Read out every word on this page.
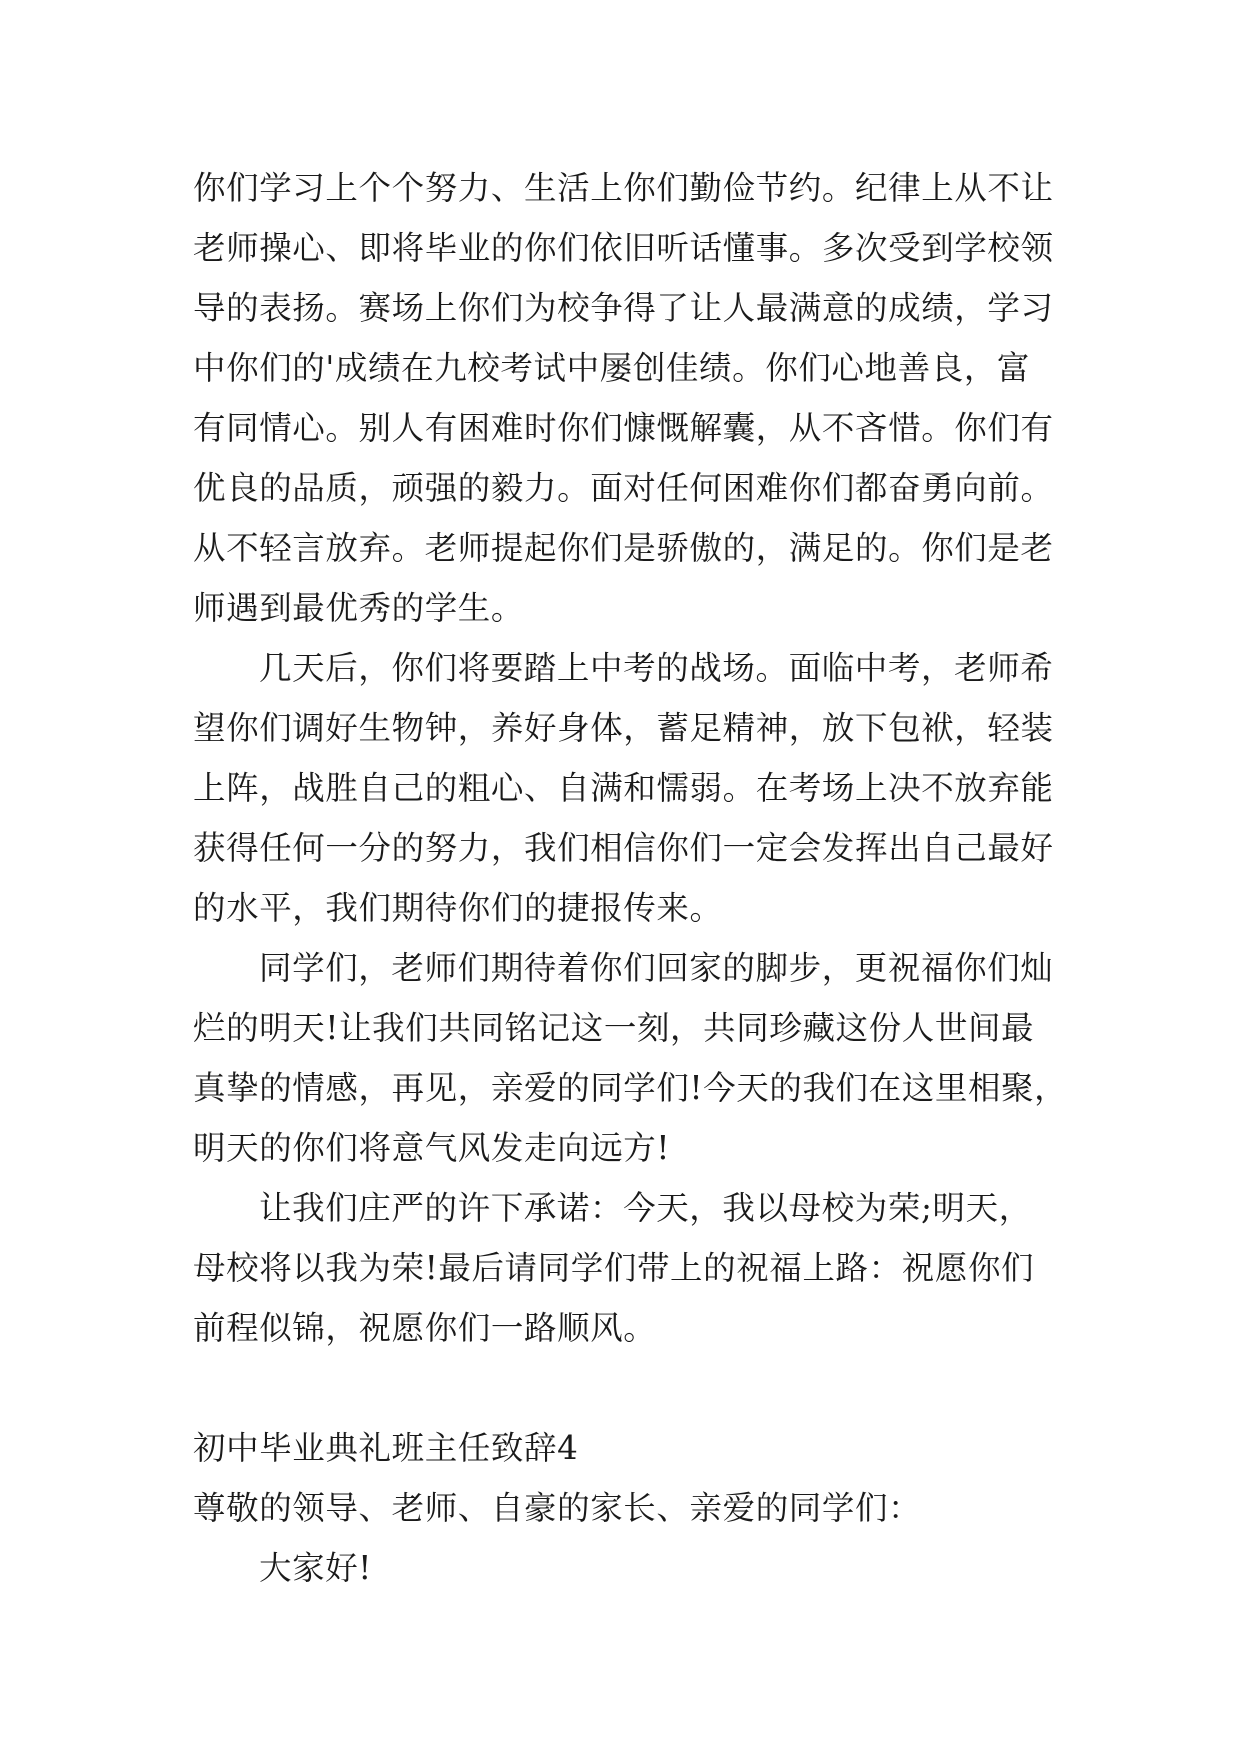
你们学习上个个努力、生活上你们勤俭节约。纪律上从不让
老师操心、即将毕业的你们依旧听话懂事。多次受到学校领
导的表扬。赛场上你们为校争得了让人最满意的成绩，学习
中你们的'成绩在九校考试中屡创佳绩。你们心地善良，富
有同情心。别人有困难时你们慷慨解囊，从不吝惜。你们有
优良的品质，顽强的毅力。面对任何困难你们都奋勇向前。
从不轻言放弃。老师提起你们是骄傲的，满足的。你们是老
师遇到最优秀的学生。
几天后，你们将要踏上中考的战场。面临中考，老师希
望你们调好生物钟，养好身体，蓄足精神，放下包袱，轻装
上阵，战胜自己的粗心、自满和懦弱。在考场上决不放弃能
获得任何一分的努力，我们相信你们一定会发挥出自己最好
的水平，我们期待你们的捷报传来。
同学们，老师们期待着你们回家的脚步，更祝福你们灿
烂的明天!让我们共同铭记这一刻，共同珍藏这份人世间最
真挚的情感，再见，亲爱的同学们!今天的我们在这里相聚，
明天的你们将意气风发走向远方!
让我们庄严的许下承诺：今天，我以母校为荣;明天，
母校将以我为荣!最后请同学们带上的祝福上路：祝愿你们
前程似锦，祝愿你们一路顺风。
初中毕业典礼班主任致辞4
尊敬的领导、老师、自豪的家长、亲爱的同学们：
大家好!
